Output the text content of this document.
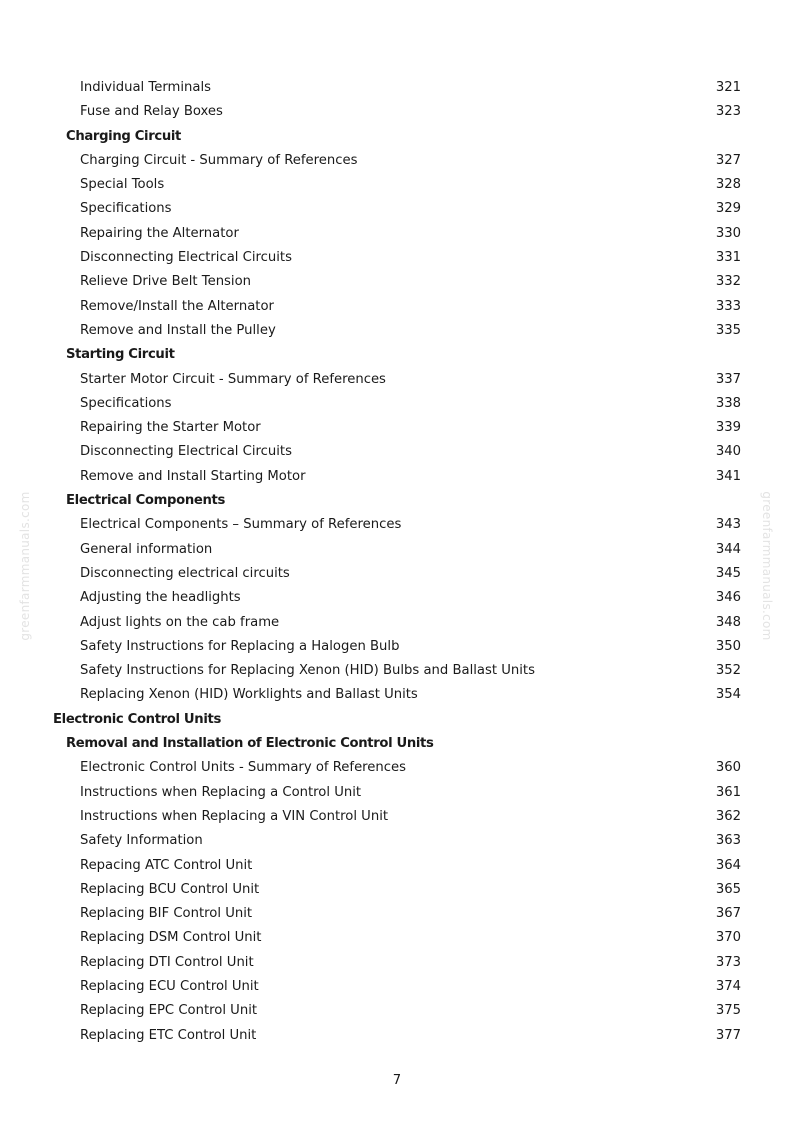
greenfarmmanuals.com	greenfarmmanuals.com
Individual Terminals	321
Fuse and Relay Boxes	323
Charging Circuit
Charging Circuit - Summary of References	327
Special Tools	328
Specifications	329
Repairing the Alternator	330
Disconnecting Electrical Circuits	331
Relieve Drive Belt Tension	332
Remove/Install the Alternator	333
Remove and Install the Pulley	335
Starting Circuit
Starter Motor Circuit - Summary of References	337
Specifications	338
Repairing the Starter Motor	339
Disconnecting Electrical Circuits	340
Remove and Install Starting Motor	341
Electrical Components
Electrical Components – Summary of References	343
General information	344
Disconnecting electrical circuits	345
Adjusting the headlights	346
Adjust lights on the cab frame	348
Safety Instructions for Replacing a Halogen Bulb	350
Safety Instructions for Replacing Xenon (HID) Bulbs and Ballast Units	352
Replacing Xenon (HID) Worklights and Ballast Units	354
Electronic Control Units
Removal and Installation of Electronic Control Units
Electronic Control Units - Summary of References	360
Instructions when Replacing a Control Unit	361
Instructions when Replacing a VIN Control Unit	362
Safety Information	363
Repacing ATC Control Unit	364
Replacing BCU Control Unit	365
Replacing BIF Control Unit	367
Replacing DSM Control Unit	370
Replacing DTI Control Unit	373
Replacing ECU Control Unit	374
Replacing EPC Control Unit	375
Replacing ETC Control Unit	377
7
